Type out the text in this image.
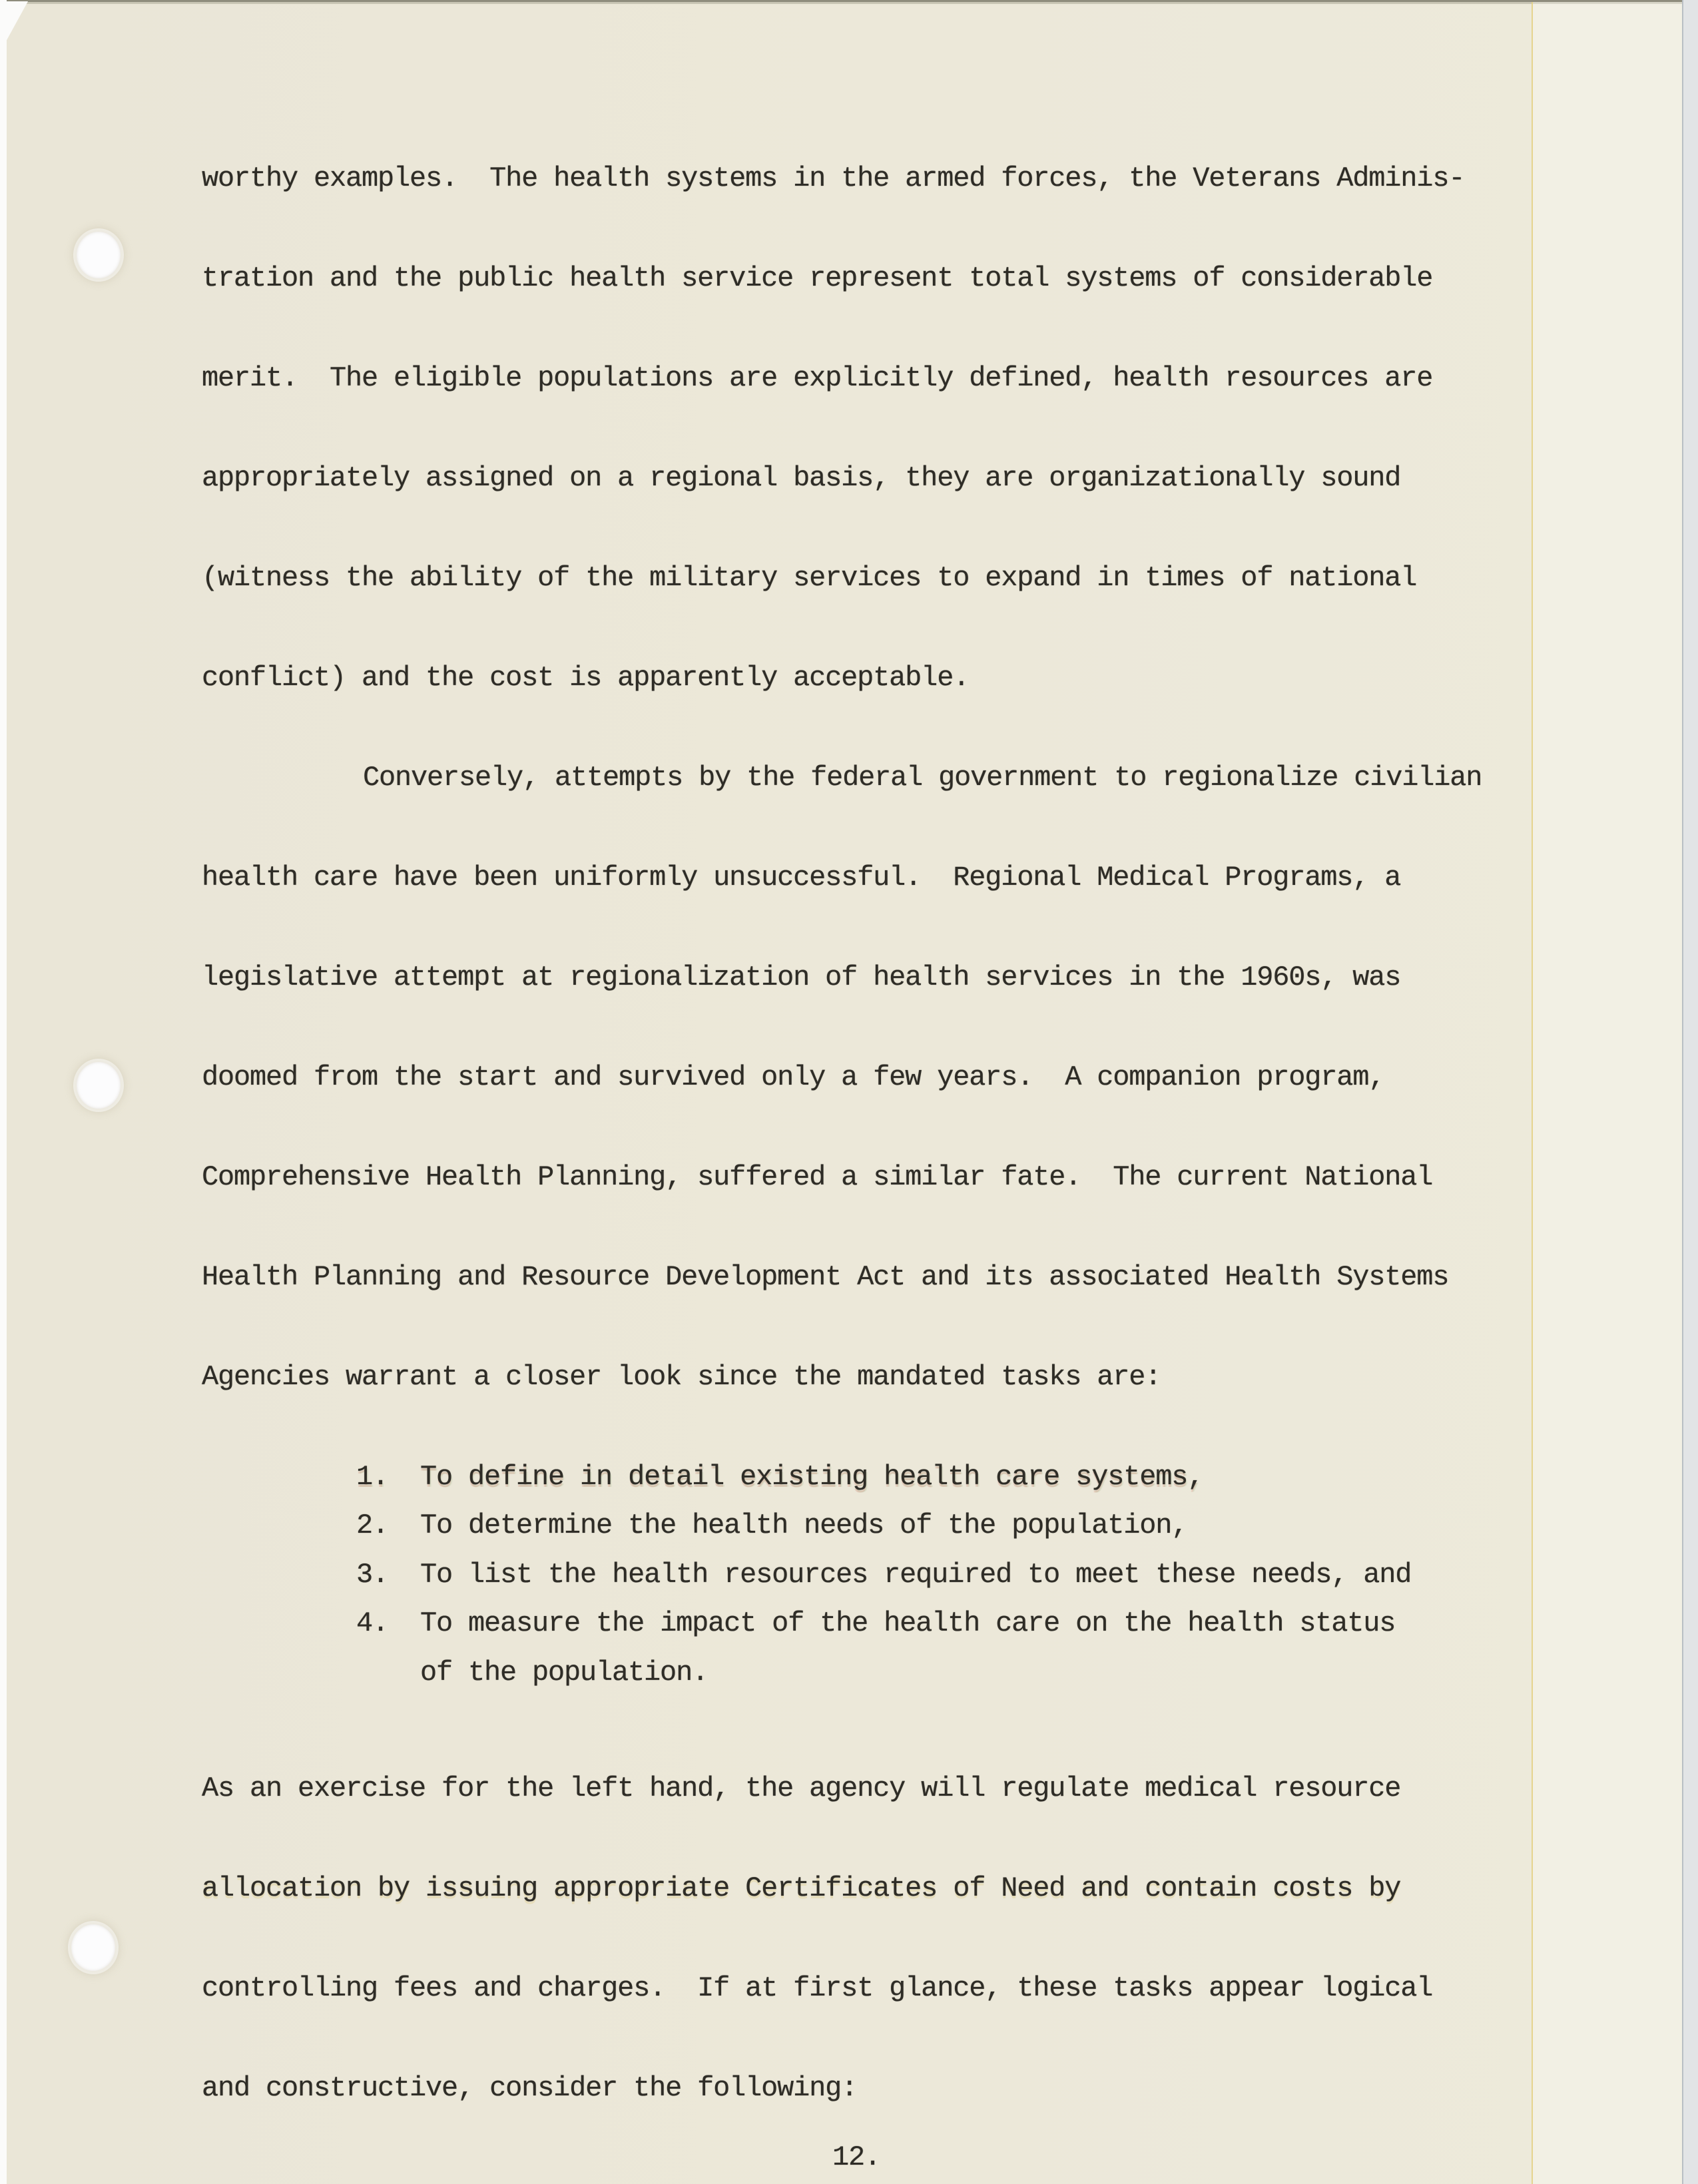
worthy examples.  The health systems in the armed forces, the Veterans Adminis-
tration and the public health service represent total systems of considerable
merit.  The eligible populations are explicitly defined, health resources are
appropriately assigned on a regional basis, they are organizationally sound
(witness the ability of the military services to expand in times of national
conflict) and the cost is apparently acceptable.
Conversely, attempts by the federal government to regionalize civilian
health care have been uniformly unsuccessful.  Regional Medical Programs, a
legislative attempt at regionalization of health services in the 1960s, was
doomed from the start and survived only a few years.  A companion program,
Comprehensive Health Planning, suffered a similar fate.  The current National
Health Planning and Resource Development Act and its associated Health Systems
Agencies warrant a closer look since the mandated tasks are:
1.  To define in detail existing health care systems,
2.  To determine the health needs of the population,
3.  To list the health resources required to meet these needs, and
4.  To measure the impact of the health care on the health status
of the population.
As an exercise for the left hand, the agency will regulate medical resource
allocation by issuing appropriate Certificates of Need and contain costs by
controlling fees and charges.  If at first glance, these tasks appear logical
and constructive, consider the following:
12.
